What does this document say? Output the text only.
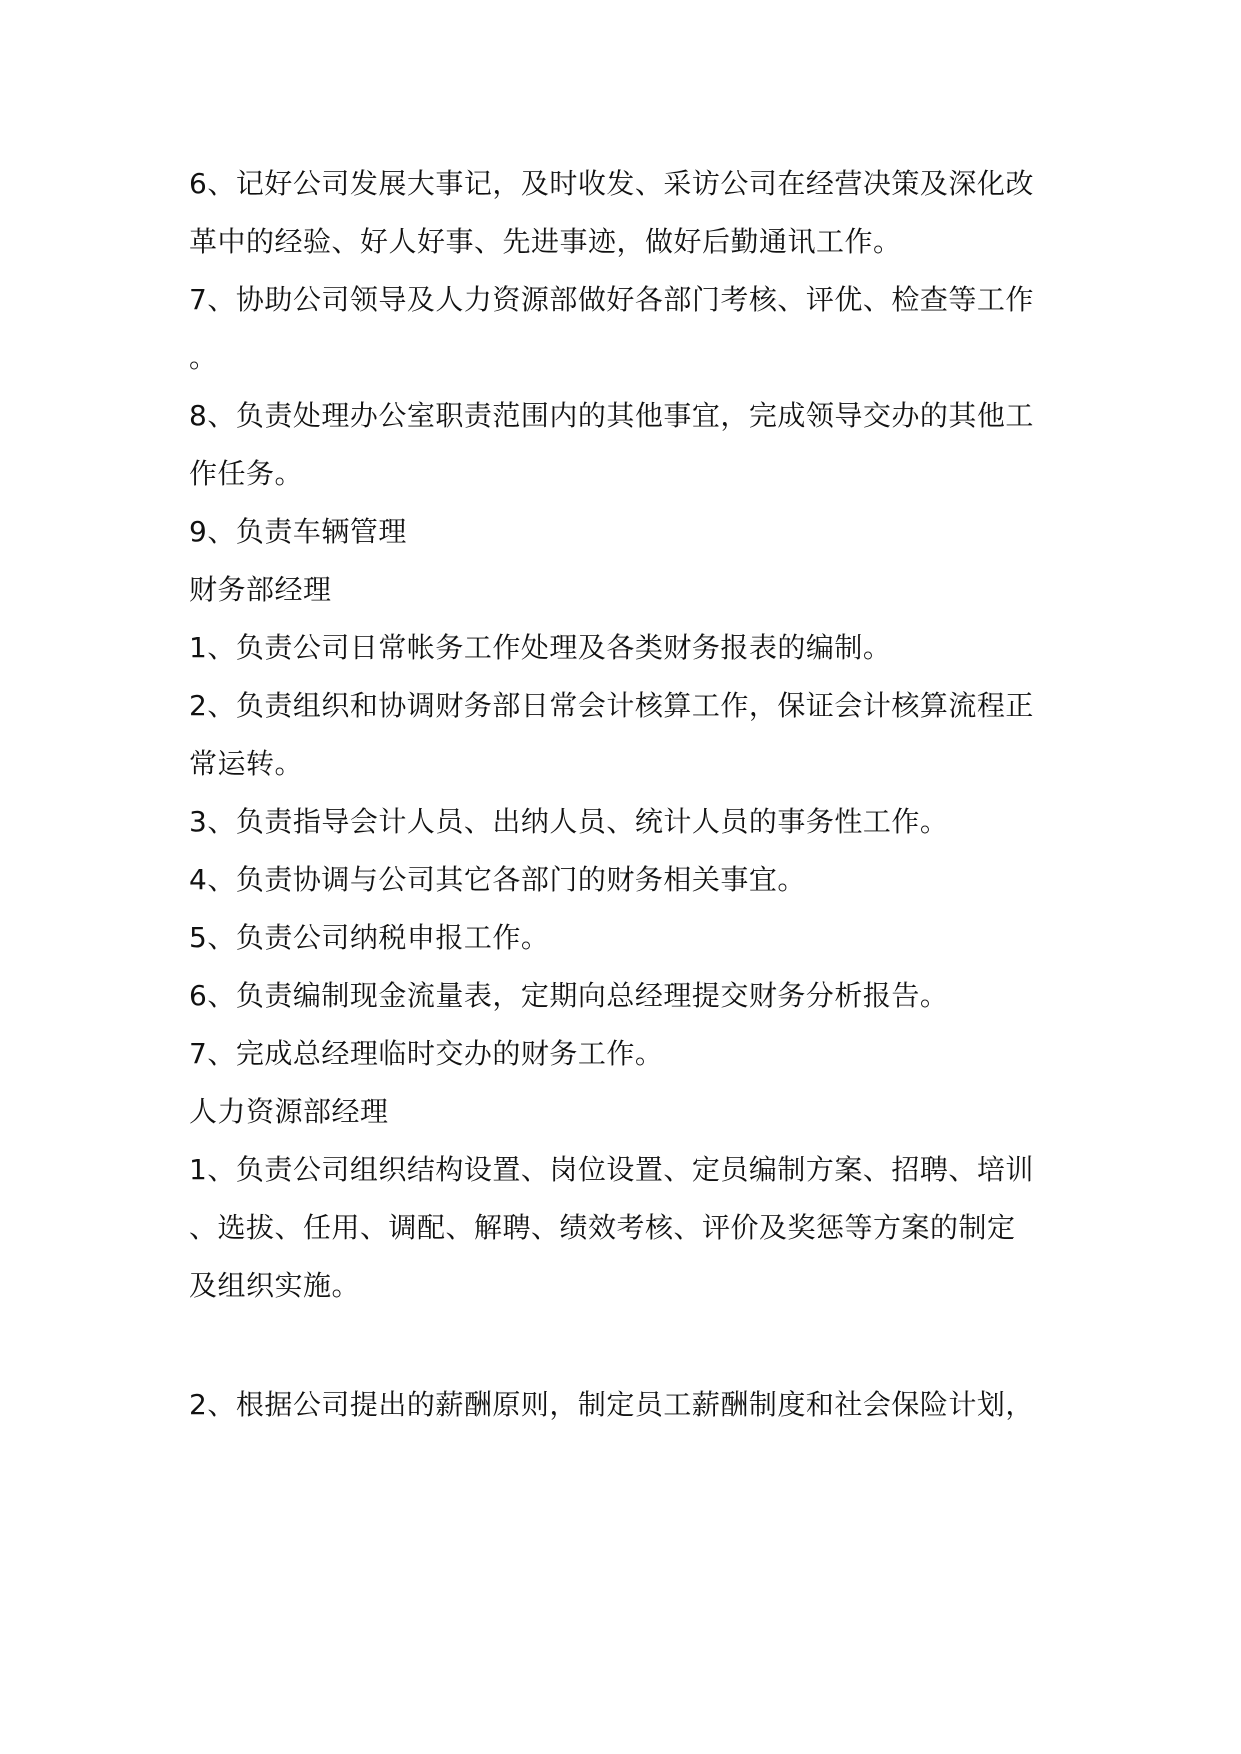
6、记好公司发展大事记，及时收发、采访公司在经营决策及深化改
革中的经验、好人好事、先进事迹，做好后勤通讯工作。
7、协助公司领导及人力资源部做好各部门考核、评优、检查等工作
。
8、负责处理办公室职责范围内的其他事宜，完成领导交办的其他工
作任务。
9、负责车辆管理
财务部经理
1、负责公司日常帐务工作处理及各类财务报表的编制。
2、负责组织和协调财务部日常会计核算工作，保证会计核算流程正
常运转。
3、负责指导会计人员、出纳人员、统计人员的事务性工作。
4、负责协调与公司其它各部门的财务相关事宜。
5、负责公司纳税申报工作。
6、负责编制现金流量表，定期向总经理提交财务分析报告。
7、完成总经理临时交办的财务工作。
人力资源部经理
1、负责公司组织结构设置、岗位设置、定员编制方案、招聘、培训
、选拔、任用、调配、解聘、绩效考核、评价及奖惩等方案的制定
及组织实施。
2、根据公司提出的薪酬原则，制定员工薪酬制度和社会保险计划，
